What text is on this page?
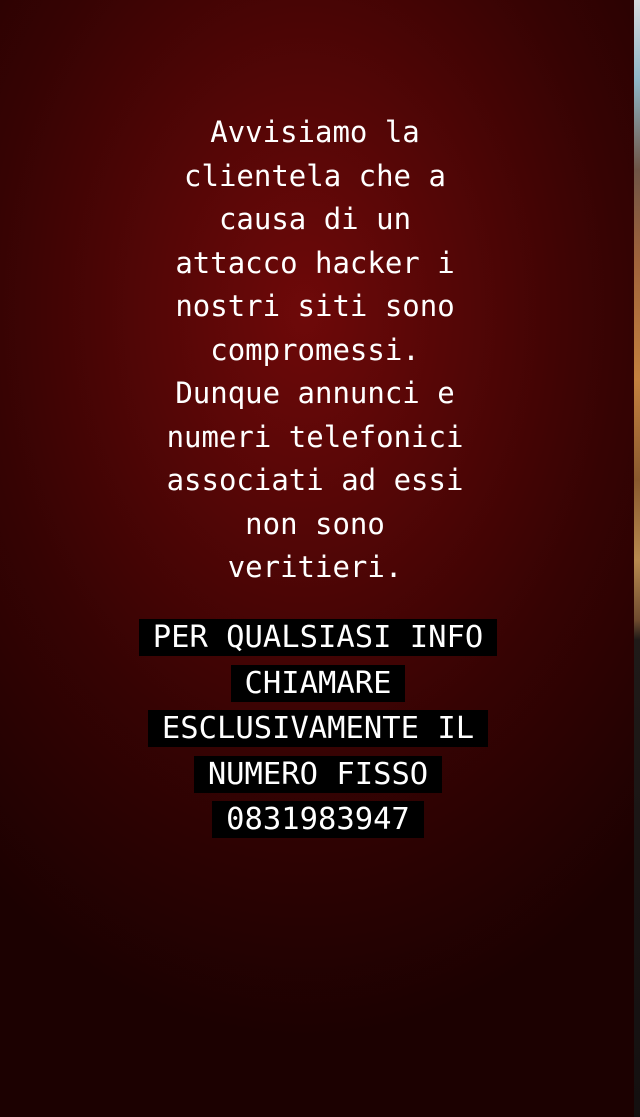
Avvisiamo la
clientela che a
causa di un
attacco hacker i
nostri siti sono
compromessi.
Dunque annunci e
numeri telefonici
associati ad essi
non sono
veritieri.

PER QUALSIASI INFO
CHIAMARE
ESCLUSIVAMENTE IL
NUMERO FISSO
0831983947
